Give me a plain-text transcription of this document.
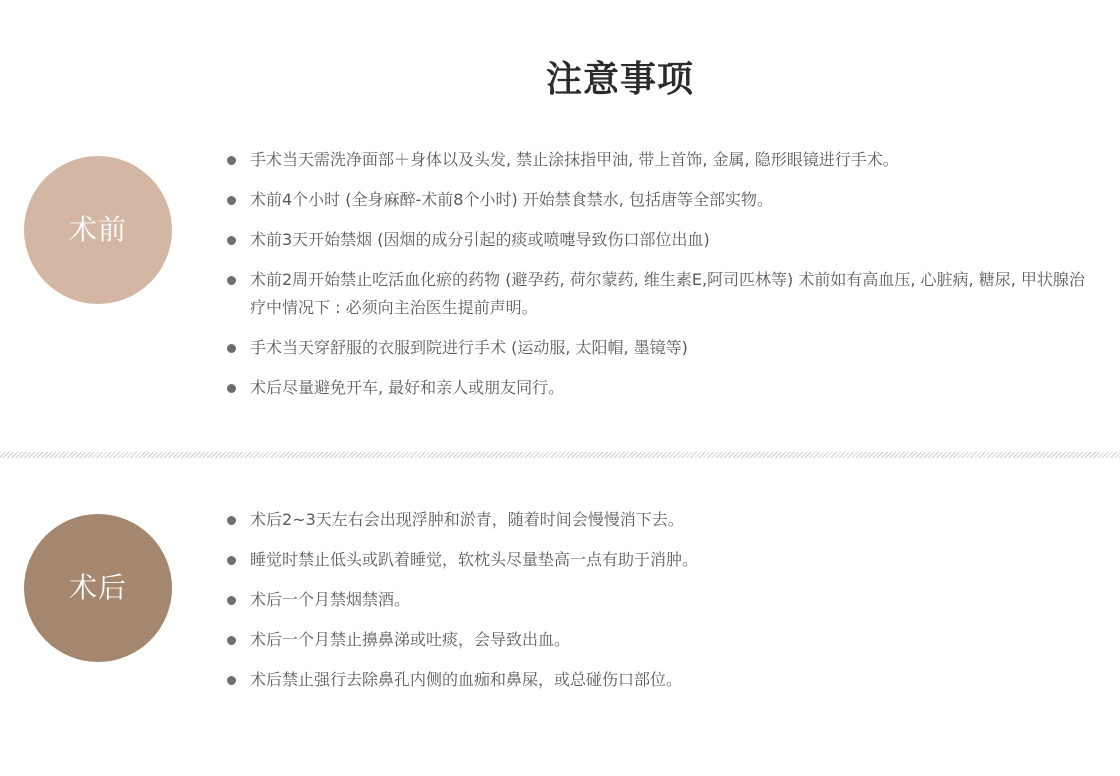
注意事项
术前
手术当天需洗净面部＋身体以及头发, 禁止涂抹指甲油, 带上首饰, 金属, 隐形眼镜进行手术。
术前4个小时 (全身麻醉-术前8个小时) 开始禁食禁水, 包括唐等全部实物。
术前3天开始禁烟 (因烟的成分引起的痰或喷嚏导致伤口部位出血)
术前2周开始禁止吃活血化瘀的药物 (避孕药, 荷尔蒙药, 维生素E,阿司匹林等) 术前如有高血压, 心脏病, 糖尿, 甲状腺治疗中情况下 : 必须向主治医生提前声明。
手术当天穿舒服的衣服到院进行手术 (运动服, 太阳帽, 墨镜等)
术后尽量避免开车, 最好和亲人或朋友同行。
术后
术后2~3天左右会出现浮肿和淤青，随着时间会慢慢消下去。
睡觉时禁止低头或趴着睡觉，软枕头尽量垫高一点有助于消肿。
术后一个月禁烟禁酒。
术后一个月禁止擤鼻涕或吐痰，会导致出血。
术后禁止强行去除鼻孔内侧的血痂和鼻屎，或总碰伤口部位。
